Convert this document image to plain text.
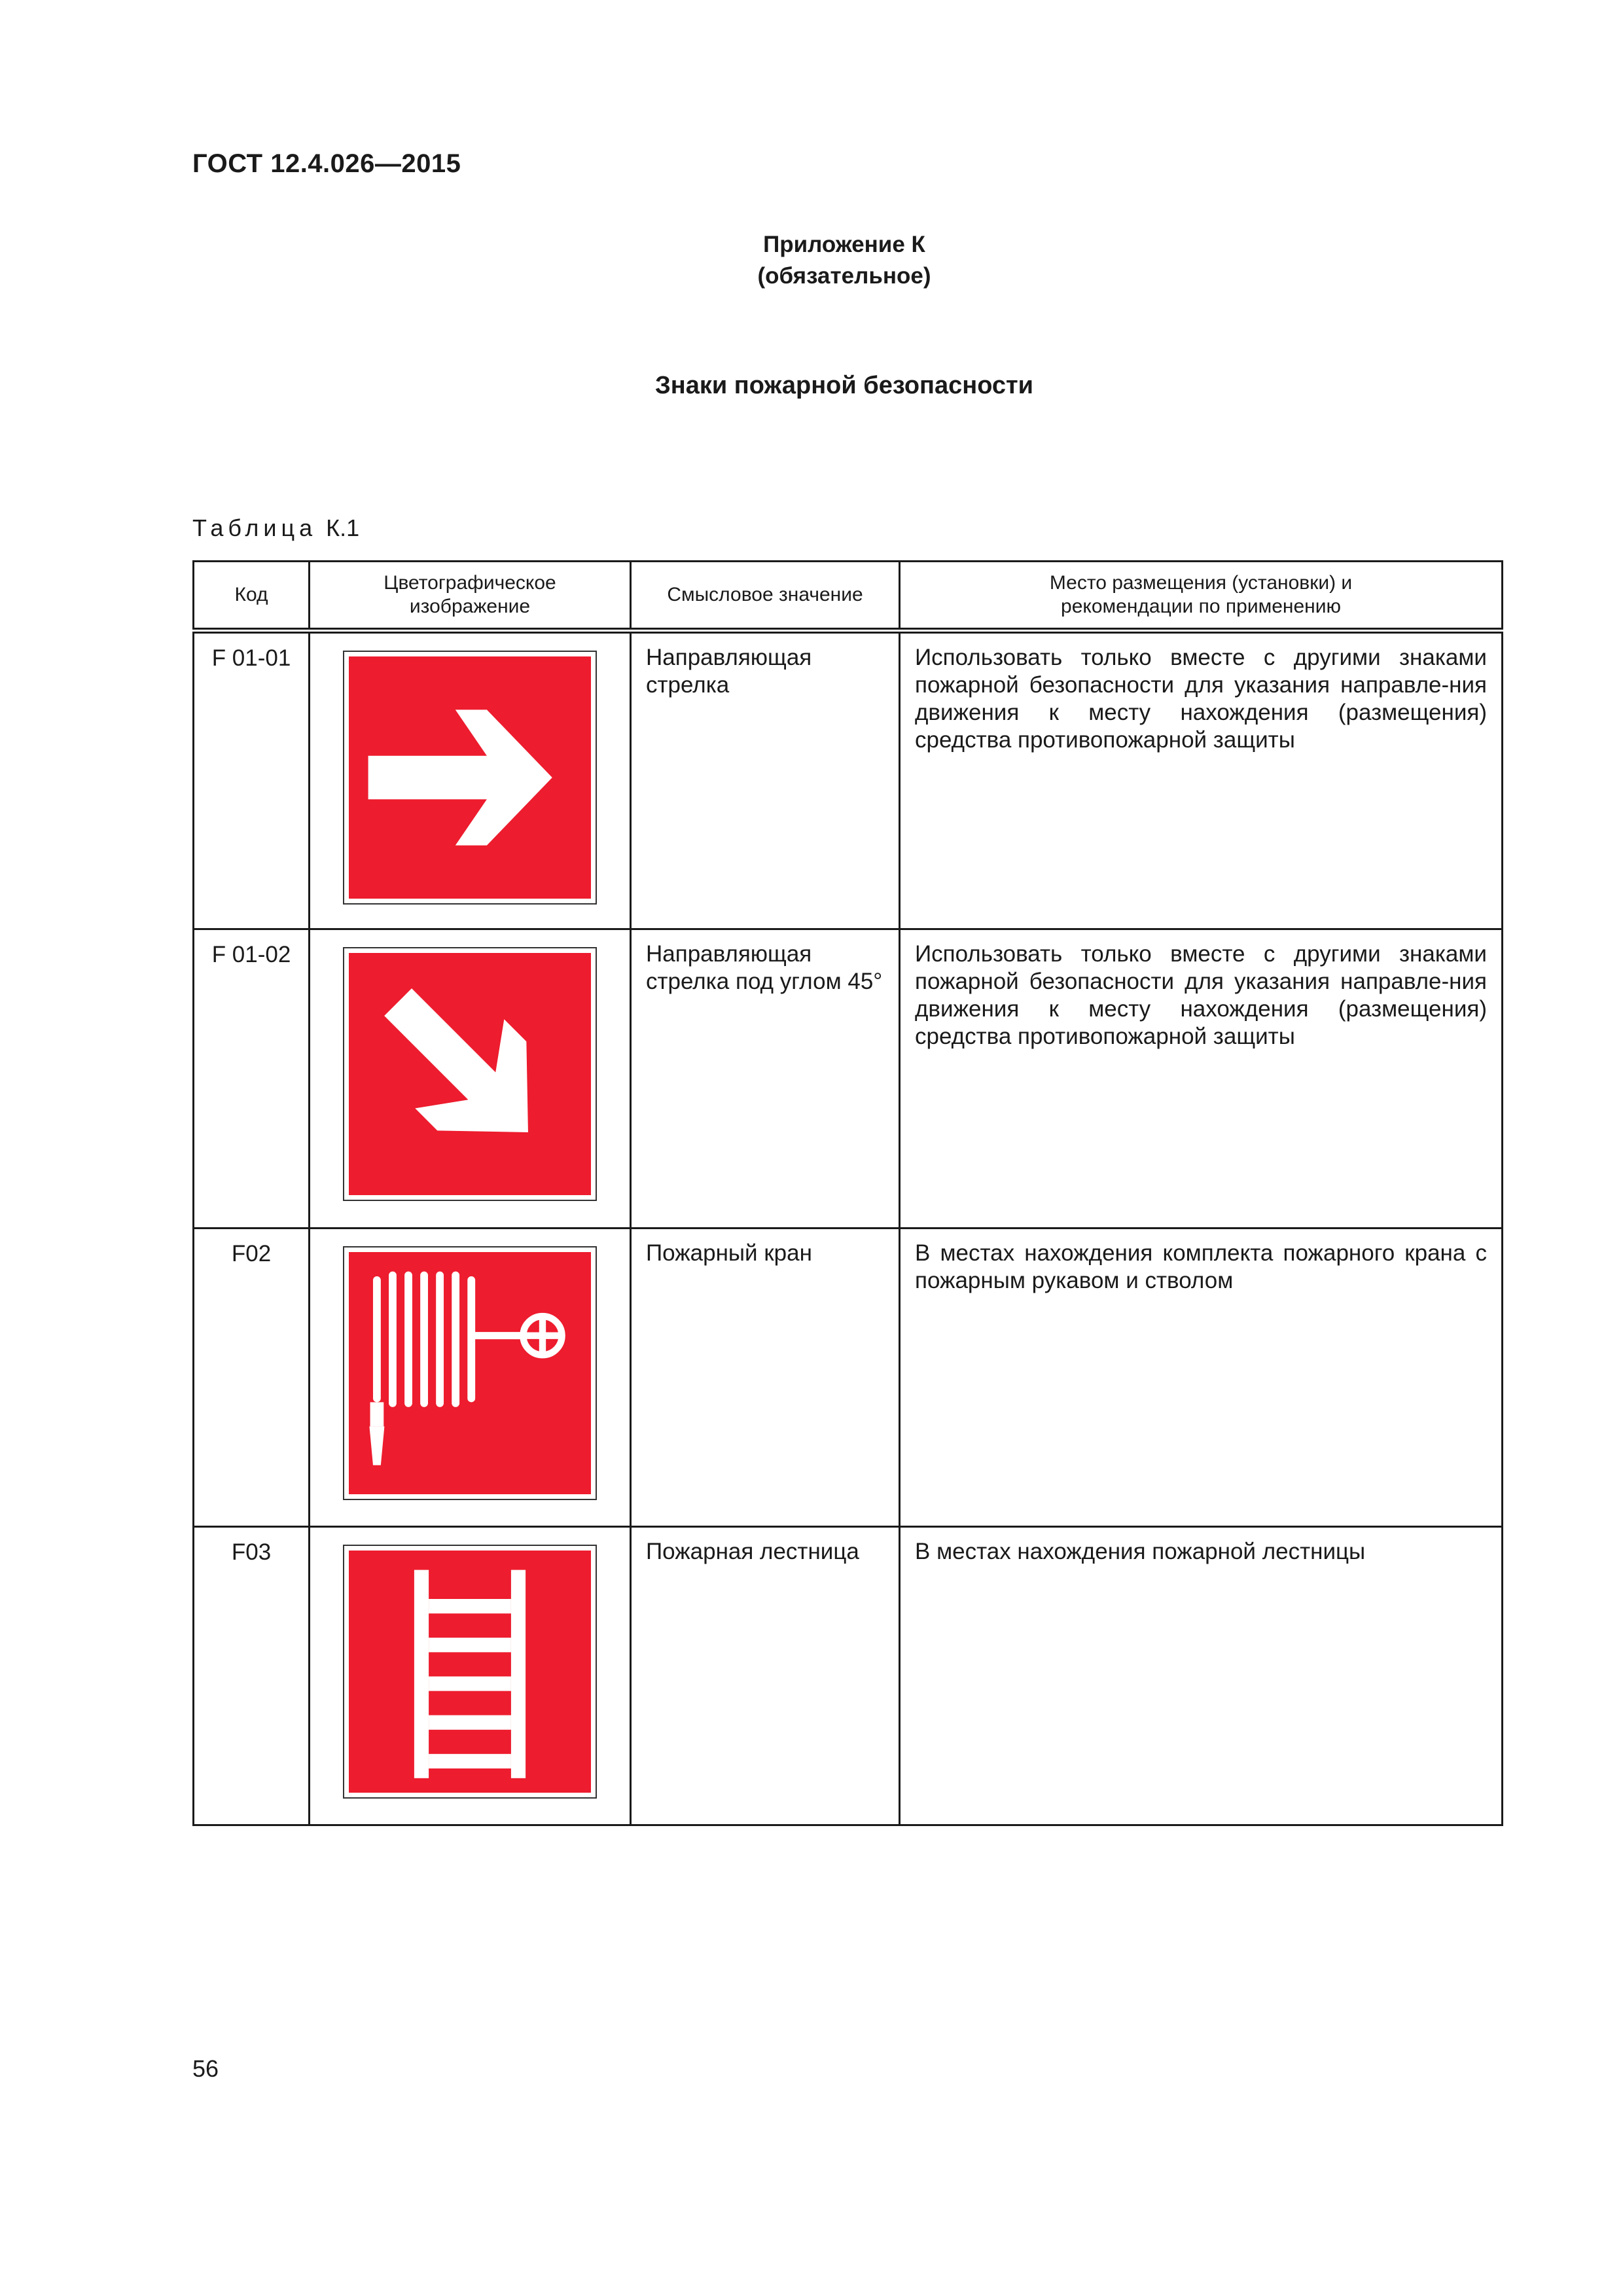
ГОСТ 12.4.026—2015
Приложение К
(обязательное)
Знаки пожарной безопасности
Таблица К.1
Код	Цветографическое изображение	Смысловое значение	Место размещения (установки) и рекомендации по применению
F 01-01		Направляющая стрелка	Использовать только вместе с другими знаками пожарной безопасности для указания направле-ния движения к месту нахождения (размещения) средства противопожарной защиты
F 01-02		Направляющая стрелка под углом 45°	Использовать только вместе с другими знаками пожарной безопасности для указания направле-ния движения к месту нахождения (размещения) средства противопожарной защиты
F02		Пожарный кран	В местах нахождения комплекта пожарного крана с пожарным рукавом и стволом
F03		Пожарная лестница	В местах нахождения пожарной лестницы
56
